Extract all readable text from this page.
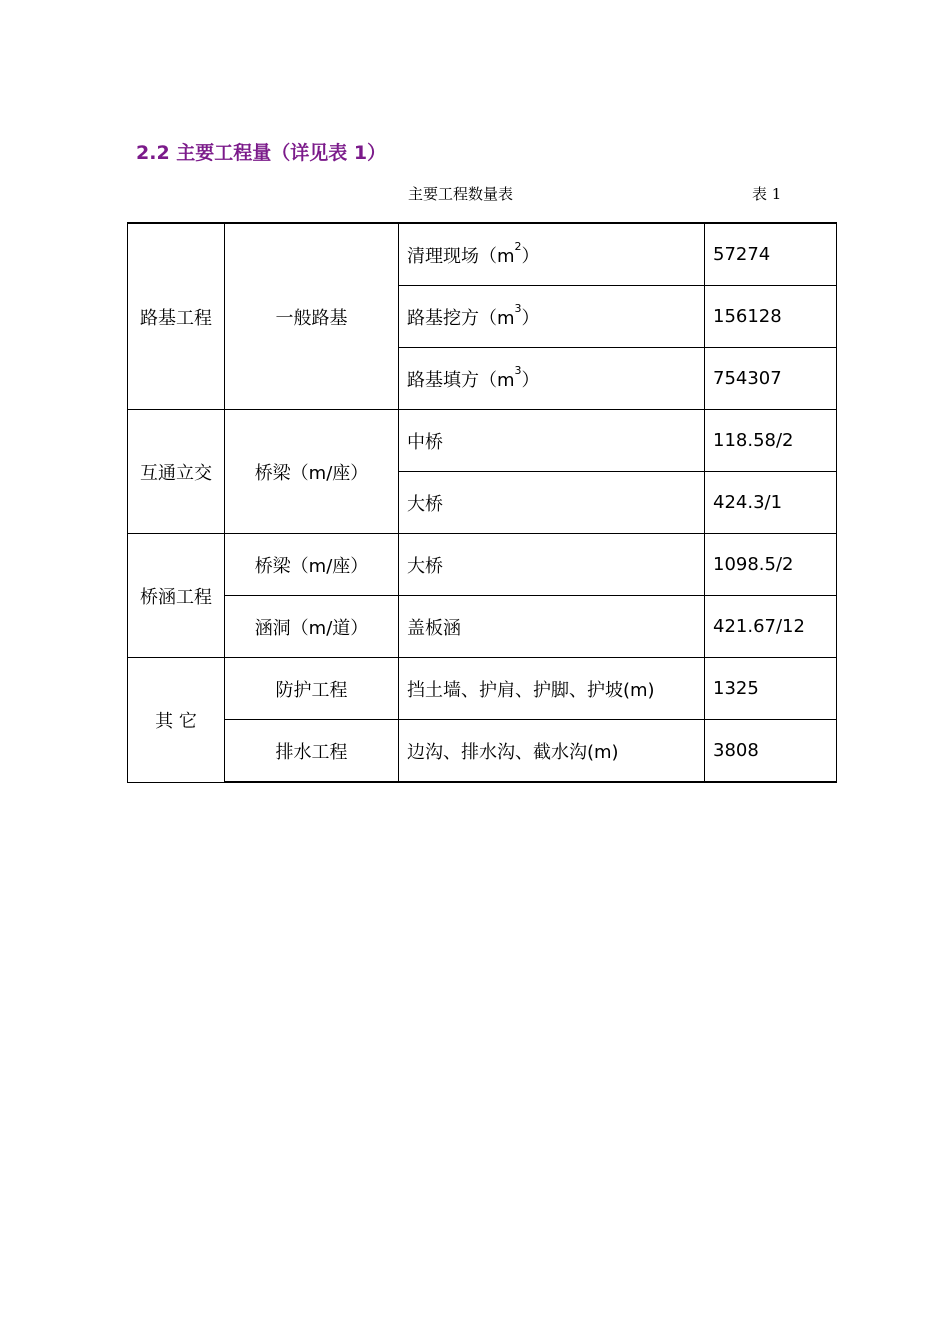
2.2 主要工程量（详见表 1）
主要工程数量表	表 1
路基工程	一般路基	清理现场$(m^2)$	57274
		路基挖方$(m^3)$	156128
		路基填方$(m^3)$	754307
互通立交	桥梁（m/座）	中桥	118.58/2
		大桥	424.3/1
桥涵工程	桥梁（m/座）	大桥	1098.5/2
	涵洞（m/道）	盖板涵	421.67/12
其 它	防护工程	挡土墙、护肩、护脚、护坡(m)	1325
	排水工程	边沟、排水沟、截水沟(m)	3808
